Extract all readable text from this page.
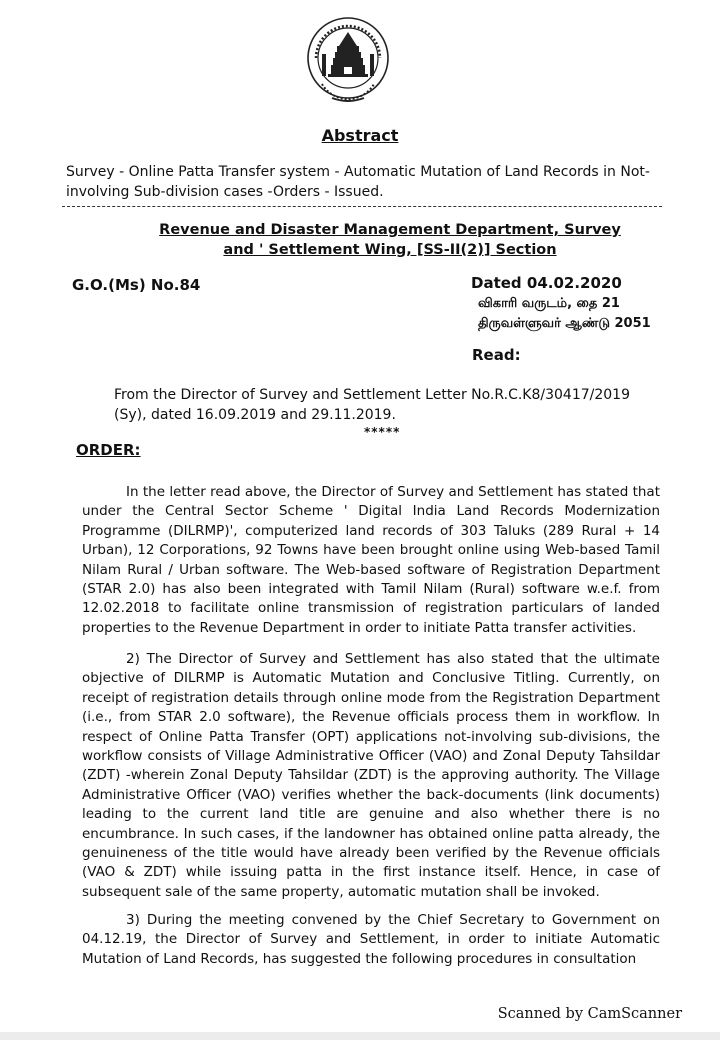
Abstract
Survey - Online Patta Transfer system - Automatic Mutation of Land Records in Not-involving Sub-division cases -Orders - Issued.
Revenue and Disaster Management Department, Survey and ' Settlement Wing, [SS-II(2)] Section
G.O.(Ms) No.84	Dated 04.02.2020
விகாரி வருடம், தை 21
திருவள்ளுவர் ஆண்டு 2051
Read:
From the Director of Survey and Settlement Letter No.R.C.K8/30417/2019 (Sy), dated 16.09.2019 and 29.11.2019.
*****
ORDER:

In the letter read above, the Director of Survey and Settlement has stated that under the Central Sector Scheme ' Digital India Land Records Modernization Programme (DILRMP)', computerized land records of 303 Taluks (289 Rural + 14 Urban), 12 Corporations, 92 Towns have been brought online using Web-based Tamil Nilam Rural / Urban software. The Web-based software of Registration Department (STAR 2.0) has also been integrated with Tamil Nilam (Rural) software w.e.f. from 12.02.2018 to facilitate online transmission of registration particulars of landed properties to the Revenue Department in order to initiate Patta transfer activities.

2) The Director of Survey and Settlement has also stated that the ultimate objective of DILRMP is Automatic Mutation and Conclusive Titling. Currently, on receipt of registration details through online mode from the Registration Department (i.e., from STAR 2.0 software), the Revenue officials process them in workflow. In respect of Online Patta Transfer (OPT) applications not-involving sub-divisions, the workflow consists of Village Administrative Officer (VAO) and Zonal Deputy Tahsildar (ZDT) -wherein Zonal Deputy Tahsildar (ZDT) is the approving authority. The Village Administrative Officer (VAO) verifies whether the back-documents (link documents) leading to the current land title are genuine and also whether there is no encumbrance. In such cases, if the landowner has obtained online patta already, the genuineness of the title would have already been verified by the Revenue officials (VAO & ZDT) while issuing patta in the first instance itself. Hence, in case of subsequent sale of the same property, automatic mutation shall be invoked.

3) During the meeting convened by the Chief Secretary to Government on 04.12.19, the Director of Survey and Settlement, in order to initiate Automatic Mutation of Land Records, has suggested the following procedures in consultation

Scanned by CamScanner
